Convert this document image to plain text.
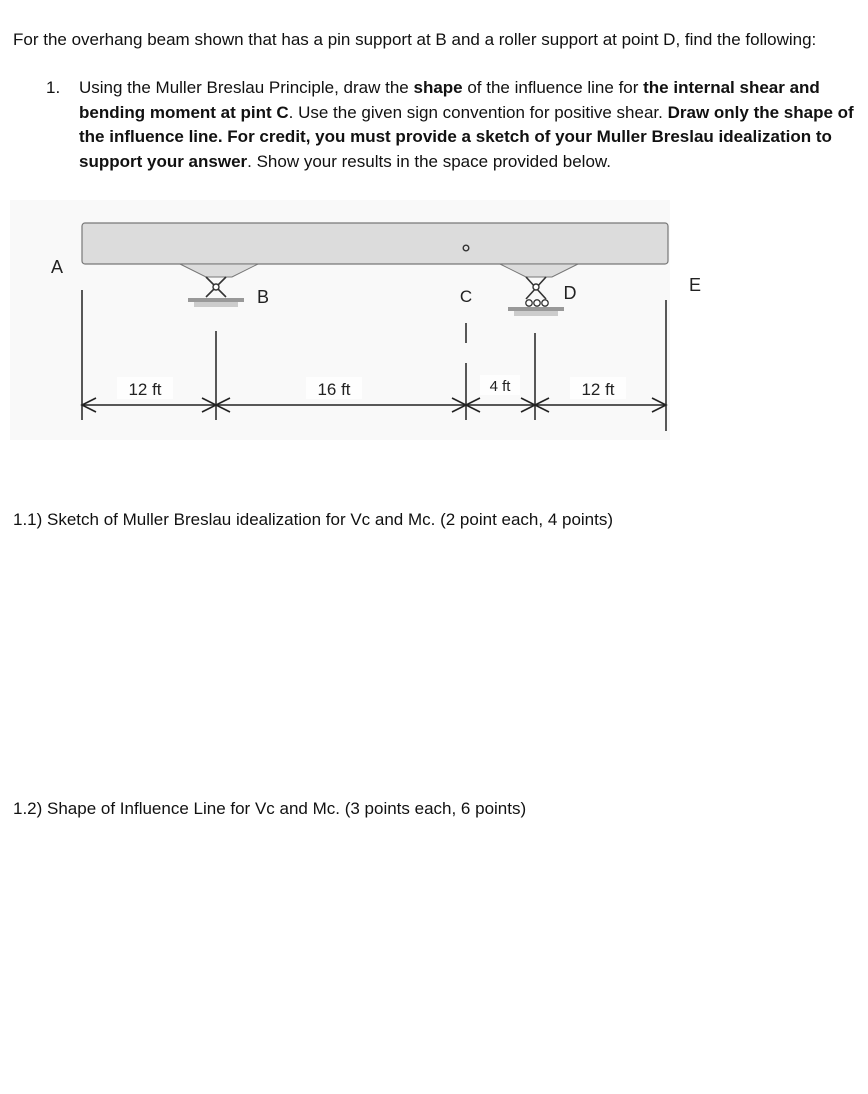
For the overhang beam shown that has a pin support at B and a roller support at point D, find the following:
1. Using the Muller Breslau Principle, draw the shape of the influence line for the internal shear and bending moment at pint C. Use the given sign convention for positive shear. Draw only the shape of the influence line. For credit, you must provide a sketch of your Muller Breslau idealization to support your answer. Show your results in the space provided below.
A
B	C	D	E
12 ft	16 ft	4 ft	12 ft
1.1) Sketch of Muller Breslau idealization for Vc and Mc. (2 point each, 4 points)
1.2) Shape of Influence Line for Vc and Mc. (3 points each, 6 points)
